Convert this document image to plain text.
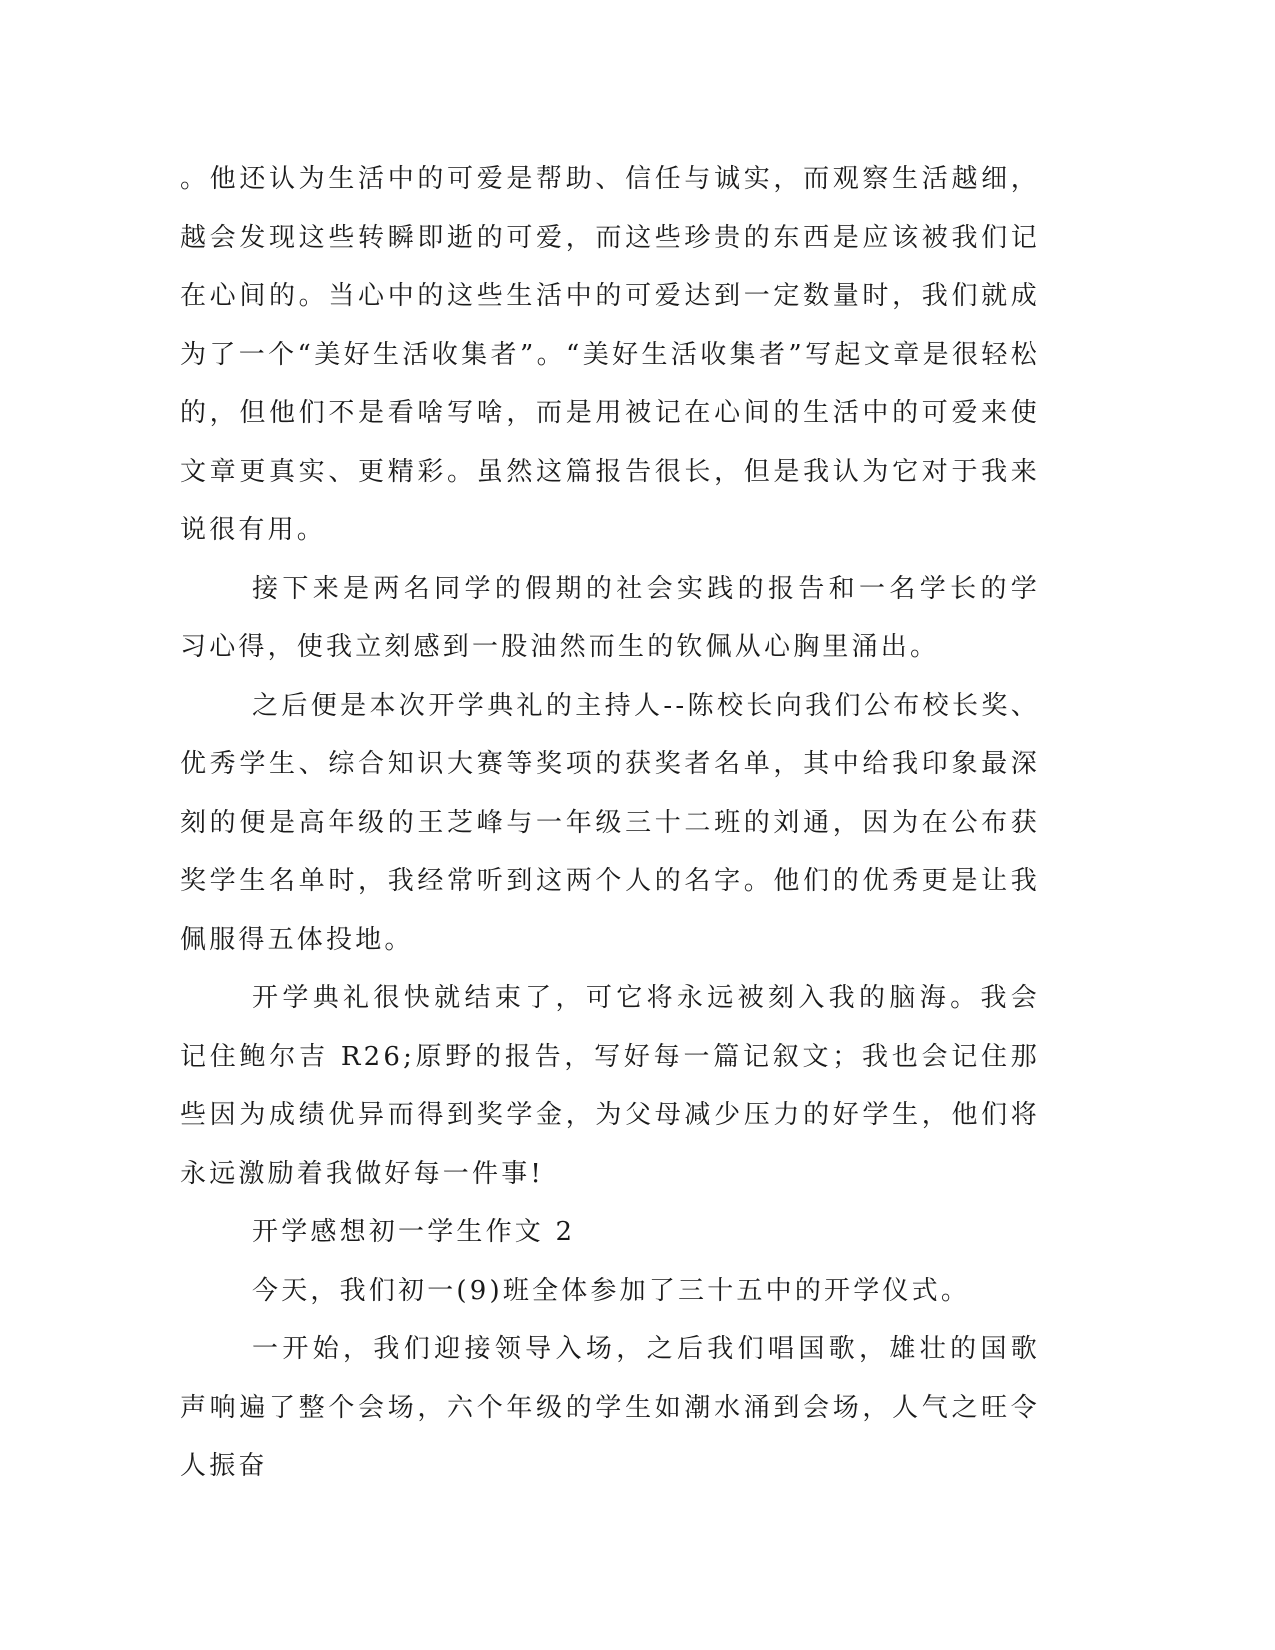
。他还认为生活中的可爱是帮助、信任与诚实，而观察生活越细，越会发现这些转瞬即逝的可爱，而这些珍贵的东西是应该被我们记在心间的。当心中的这些生活中的可爱达到一定数量时，我们就成为了一个“美好生活收集者”。“美好生活收集者”写起文章是很轻松的，但他们不是看啥写啥，而是用被记在心间的生活中的可爱来使文章更真实、更精彩。虽然这篇报告很长，但是我认为它对于我来说很有用。

接下来是两名同学的假期的社会实践的报告和一名学长的学习心得，使我立刻感到一股油然而生的钦佩从心胸里涌出。

之后便是本次开学典礼的主持人--陈校长向我们公布校长奖、优秀学生、综合知识大赛等奖项的获奖者名单，其中给我印象最深刻的便是高年级的王芝峰与一年级三十二班的刘通，因为在公布获奖学生名单时，我经常听到这两个人的名字。他们的优秀更是让我佩服得五体投地。

开学典礼很快就结束了，可它将永远被刻入我的脑海。我会记住鲍尔吉 R26;原野的报告，写好每一篇记叙文；我也会记住那些因为成绩优异而得到奖学金，为父母减少压力的好学生，他们将永远激励着我做好每一件事!

开学感想初一学生作文 2

今天，我们初一(9)班全体参加了三十五中的开学仪式。

一开始，我们迎接领导入场，之后我们唱国歌，雄壮的国歌声响遍了整个会场，六个年级的学生如潮水涌到会场，人气之旺令人振奋
